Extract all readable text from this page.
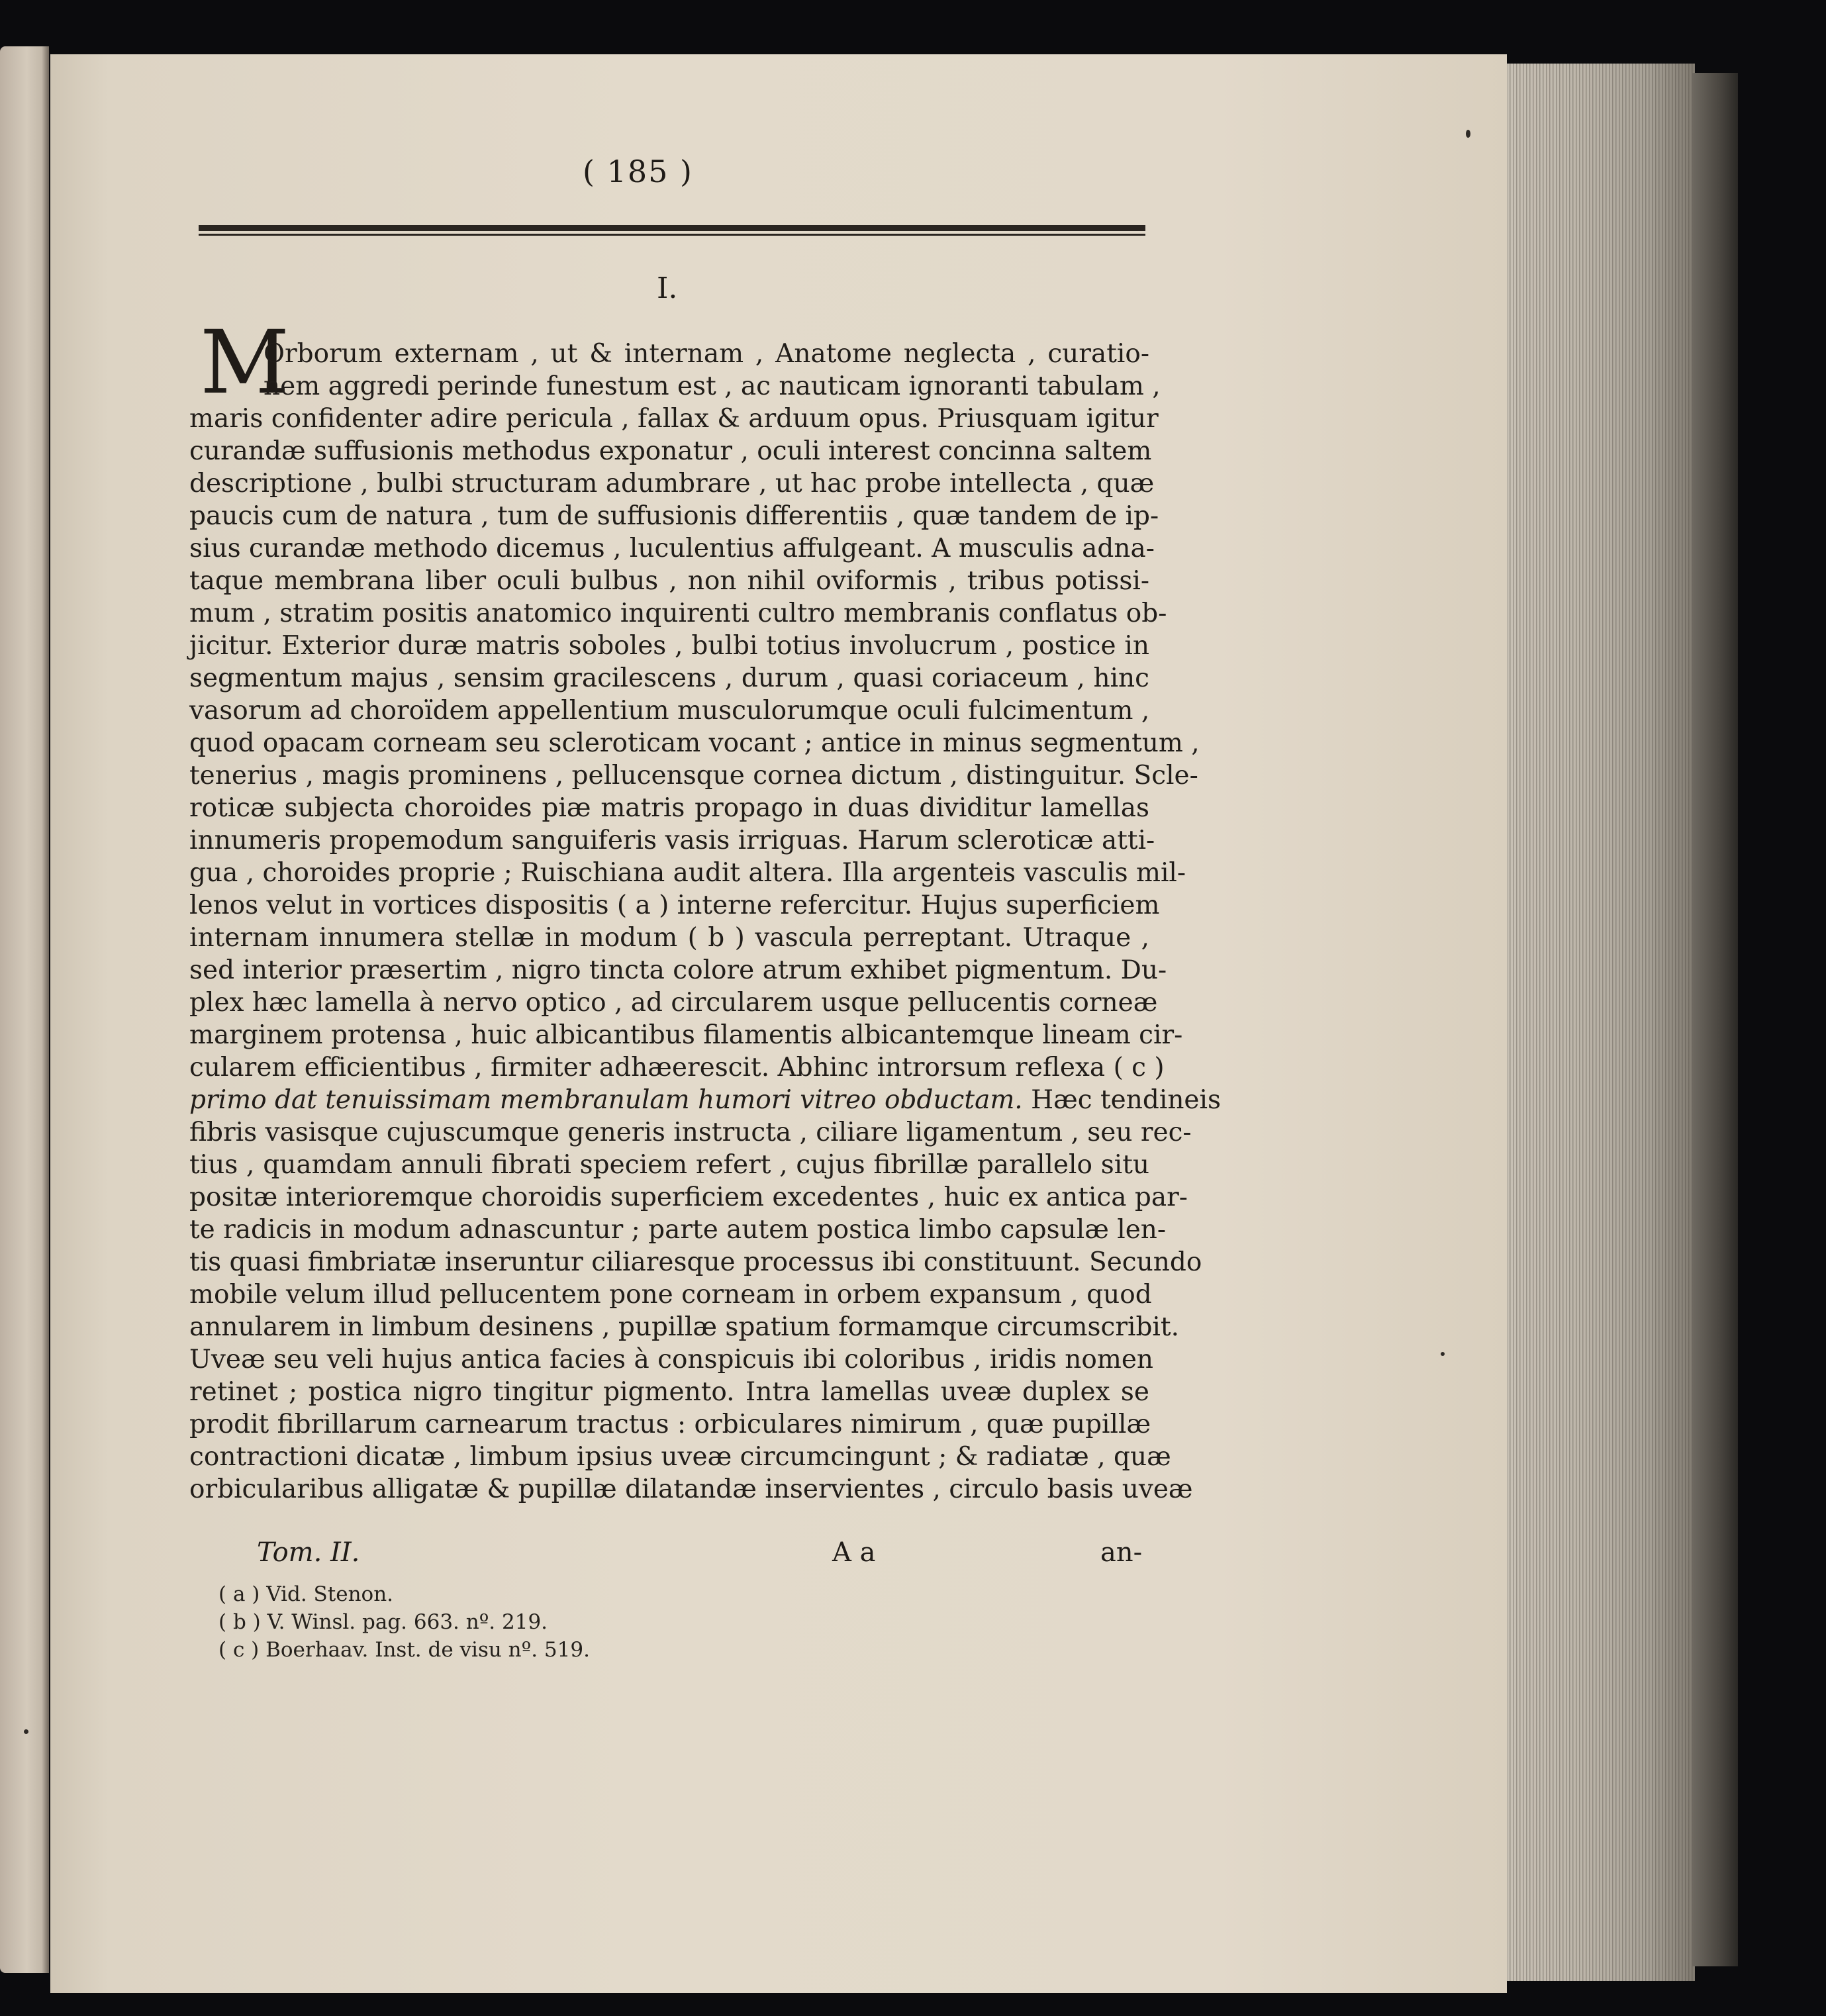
( 185 )
I.
M
Orborum externam , ut & internam , Anatome neglecta , curatio-
nem aggredi perinde funestum est , ac nauticam ignoranti tabulam ,
maris confidenter adire pericula , fallax & arduum opus. Priusquam igitur
curandæ suffusionis methodus exponatur , oculi interest concinna saltem
descriptione , bulbi structuram adumbrare , ut hac probe intellecta , quæ
paucis cum de natura , tum de suffusionis differentiis , quæ tandem de ip-
sius curandæ methodo dicemus , luculentius affulgeant. A musculis adna-
taque membrana liber oculi bulbus , non nihil oviformis , tribus potissi-
mum , stratim positis anatomico inquirenti cultro membranis conflatus ob-
jicitur. Exterior duræ matris soboles , bulbi totius involucrum , postice in
segmentum majus , sensim gracilescens , durum , quasi coriaceum , hinc
vasorum ad choroïdem appellentium musculorumque oculi fulcimentum ,
quod opacam corneam seu scleroticam vocant ; antice in minus segmentum ,
tenerius , magis prominens , pellucensque cornea dictum , distinguitur. Scle-
roticæ subjecta choroides piæ matris propago in duas dividitur lamellas
innumeris propemodum sanguiferis vasis irriguas. Harum scleroticæ atti-
gua , choroides proprie ; Ruischiana audit altera. Illa argenteis vasculis mil-
lenos velut in vortices dispositis ( a ) interne refercitur. Hujus superficiem
internam innumera stellæ in modum ( b ) vascula perreptant. Utraque ,
sed interior præsertim , nigro tincta colore atrum exhibet pigmentum. Du-
plex hæc lamella à nervo optico , ad circularem usque pellucentis corneæ
marginem protensa , huic albicantibus filamentis albicantemque lineam cir-
cularem efficientibus , firmiter adhæerescit. Abhinc introrsum reflexa ( c )
primo dat tenuissimam membranulam humori vitreo obductam. Hæc tendineis
fibris vasisque cujuscumque generis instructa , ciliare ligamentum , seu rec-
tius , quamdam annuli fibrati speciem refert , cujus fibrillæ parallelo situ
positæ interioremque choroidis superficiem excedentes , huic ex antica par-
te radicis in modum adnascuntur ; parte autem postica limbo capsulæ len-
tis quasi fimbriatæ inseruntur ciliaresque processus ibi constituunt. Secundo
mobile velum illud pellucentem pone corneam in orbem expansum , quod
annularem in limbum desinens , pupillæ spatium formamque circumscribit.
Uveæ seu veli hujus antica facies à conspicuis ibi coloribus , iridis nomen
retinet ; postica nigro tingitur pigmento. Intra lamellas uveæ duplex se
prodit fibrillarum carnearum tractus : orbiculares nimirum , quæ pupillæ
contractioni dicatæ , limbum ipsius uveæ circumcingunt ; & radiatæ , quæ
orbicularibus alligatæ & pupillæ dilatandæ inservientes , circulo basis uveæ
Tom. II.	A a	an-
( a ) Vid. Stenon.
( b ) V. Winsl. pag. 663. nº. 219.
( c ) Boerhaav. Inst. de visu nº. 519.
